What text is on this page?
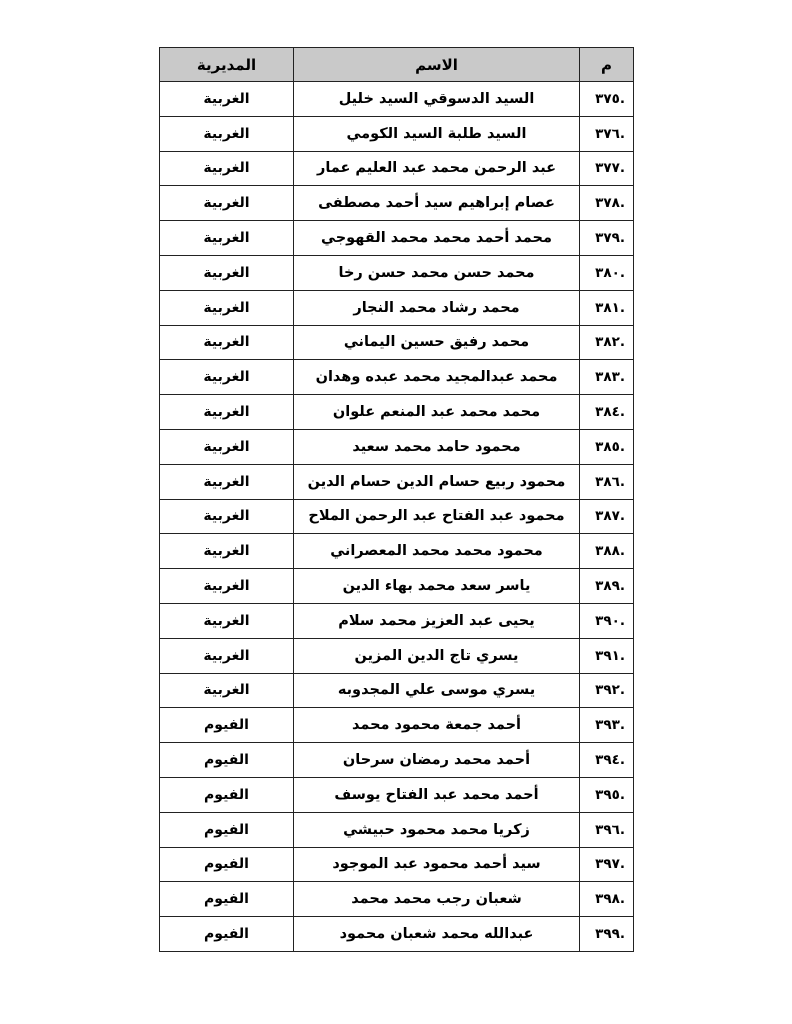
م	الاسم	المديرية
.٣٧٥	السيد الدسوقي السيد خليل	الغربية
.٣٧٦	السيد طلبة السيد الكومي	الغربية
.٣٧٧	عبد الرحمن محمد عبد العليم عمار	الغربية
.٣٧٨	عصام إبراهيم سيد أحمد مصطفى	الغربية
.٣٧٩	محمد أحمد محمد محمد القهوجي	الغربية
.٣٨٠	محمد حسن محمد حسن رخا	الغربية
.٣٨١	محمد رشاد محمد النجار	الغربية
.٣٨٢	محمد رفيق حسين اليماني	الغربية
.٣٨٣	محمد عبدالمجيد محمد عبده وهدان	الغربية
.٣٨٤	محمد محمد عبد المنعم علوان	الغربية
.٣٨٥	محمود حامد محمد سعيد	الغربية
.٣٨٦	محمود ربيع حسام الدين حسام الدين	الغربية
.٣٨٧	محمود عبد الفتاح عبد الرحمن الملاح	الغربية
.٣٨٨	محمود محمد محمد المعصراني	الغربية
.٣٨٩	ياسر سعد محمد بهاء الدين	الغربية
.٣٩٠	يحيى عبد العزيز محمد سلام	الغربية
.٣٩١	يسري تاج الدين المزين	الغربية
.٣٩٢	يسري موسى علي المجدوبه	الغربية
.٣٩٣	أحمد جمعة محمود محمد	الفيوم
.٣٩٤	أحمد محمد رمضان سرحان	الفيوم
.٣٩٥	أحمد محمد عبد الفتاح يوسف	الفيوم
.٣٩٦	زكريا محمد محمود حبيشي	الفيوم
.٣٩٧	سيد أحمد محمود عبد الموجود	الفيوم
.٣٩٨	شعبان رجب محمد محمد	الفيوم
.٣٩٩	عبدالله محمد شعبان محمود	الفيوم
